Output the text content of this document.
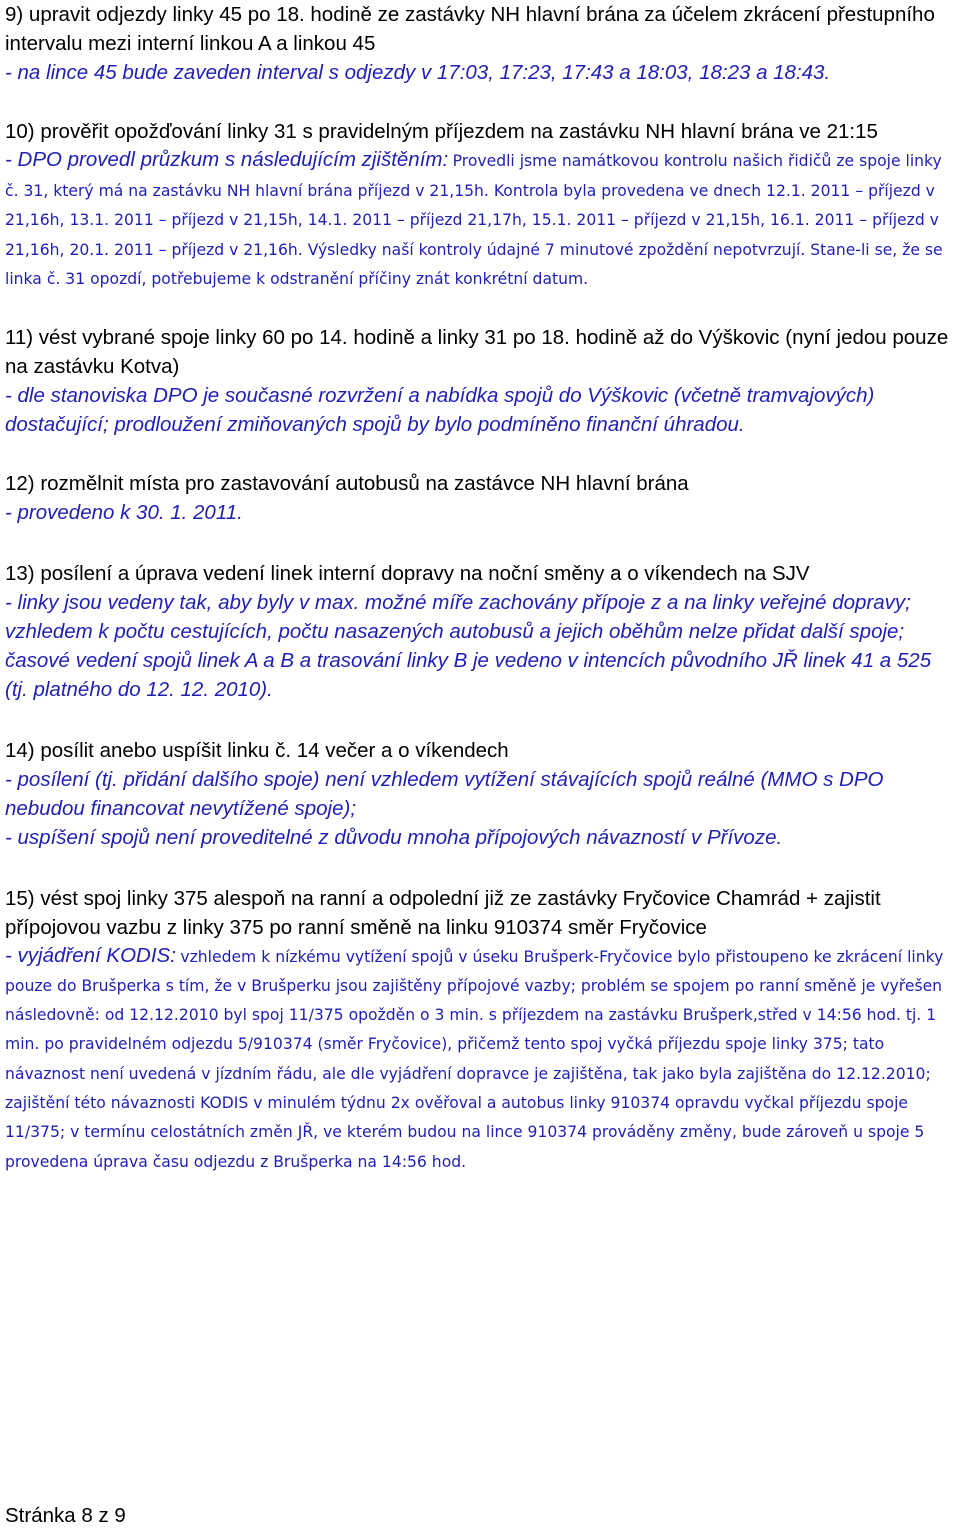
9) upravit odjezdy linky 45 po 18. hodině ze zastávky NH hlavní brána za účelem zkrácení přestupního intervalu mezi interní linkou A a linkou 45

- na lince 45 bude zaveden interval s odjezdy v 17:03, 17:23, 17:43 a 18:03, 18:23 a 18:43.

10) prověřit opožďování linky 31 s pravidelným příjezdem na zastávku NH hlavní brána ve 21:15

- DPO provedl průzkum s následujícím zjištěním: Provedli jsme namátkovou kontrolu našich řidičů ze spoje linky č. 31, který má na zastávku NH hlavní brána příjezd v 21,15h. Kontrola byla provedena ve dnech 12.1. 2011 – příjezd v 21,16h, 13.1. 2011 – příjezd v 21,15h, 14.1. 2011 – příjezd 21,17h, 15.1. 2011 – příjezd v 21,15h, 16.1. 2011 – příjezd v 21,16h, 20.1. 2011 – příjezd v 21,16h. Výsledky naší kontroly údajné 7 minutové zpoždění nepotvrzují. Stane-li se, že se linka č. 31 opozdí, potřebujeme k odstranění příčiny znát konkrétní datum.

11) vést vybrané spoje linky 60 po 14. hodině a linky 31 po 18. hodině až do Výškovic (nyní jedou pouze na zastávku Kotva)

- dle stanoviska DPO je současné rozvržení a nabídka spojů do Výškovic (včetně tramvajových) dostačující; prodloužení zmiňovaných spojů by bylo podmíněno finanční úhradou.

12) rozmělnit místa pro zastavování autobusů na zastávce NH hlavní brána

- provedeno k 30. 1. 2011.

13) posílení a úprava vedení linek interní dopravy na noční směny a o víkendech na SJV

- linky jsou vedeny tak, aby byly v max. možné míře zachovány přípoje z a na linky veřejné dopravy; vzhledem k počtu cestujících, počtu nasazených autobusů a jejich oběhům nelze přidat další spoje; časové vedení spojů linek A a B a trasování linky B je vedeno v intencích původního JŘ linek 41 a 525 (tj. platného do 12. 12. 2010).

14) posílit anebo uspíšit linku č. 14 večer a o víkendech

- posílení (tj. přidání dalšího spoje) není vzhledem vytížení stávajících spojů reálné (MMO s DPO nebudou financovat nevytížené spoje);

- uspíšení spojů není proveditelné z důvodu mnoha přípojových návazností v Přívoze.

15) vést spoj linky 375 alespoň na ranní a odpolední již ze zastávky Fryčovice Chamrád + zajistit přípojovou vazbu z linky 375 po ranní směně na linku 910374 směr Fryčovice

- vyjádření KODIS: vzhledem k nízkému vytížení spojů v úseku Brušperk-Fryčovice bylo přistoupeno ke zkrácení linky pouze do Brušperka s tím, že v Brušperku jsou zajištěny přípojové vazby; problém se spojem po ranní směně je vyřešen následovně: od 12.12.2010 byl spoj 11/375 opožděn o 3 min. s příjezdem na zastávku Brušperk,střed v 14:56 hod. tj. 1 min. po pravidelném odjezdu 5/910374 (směr Fryčovice), přičemž tento spoj vyčká příjezdu spoje linky 375; tato návaznost není uvedená v jízdním řádu, ale dle vyjádření dopravce je zajištěna, tak jako byla zajištěna do 12.12.2010; zajištění této návaznosti KODIS v minulém týdnu 2x ověřoval a autobus linky 910374 opravdu vyčkal příjezdu spoje 11/375; v termínu celostátních změn JŘ, ve kterém budou na lince 910374 prováděny změny, bude zároveň u spoje 5 provedena úprava času odjezdu z Brušperka na 14:56 hod.

Stránka 8 z 9
